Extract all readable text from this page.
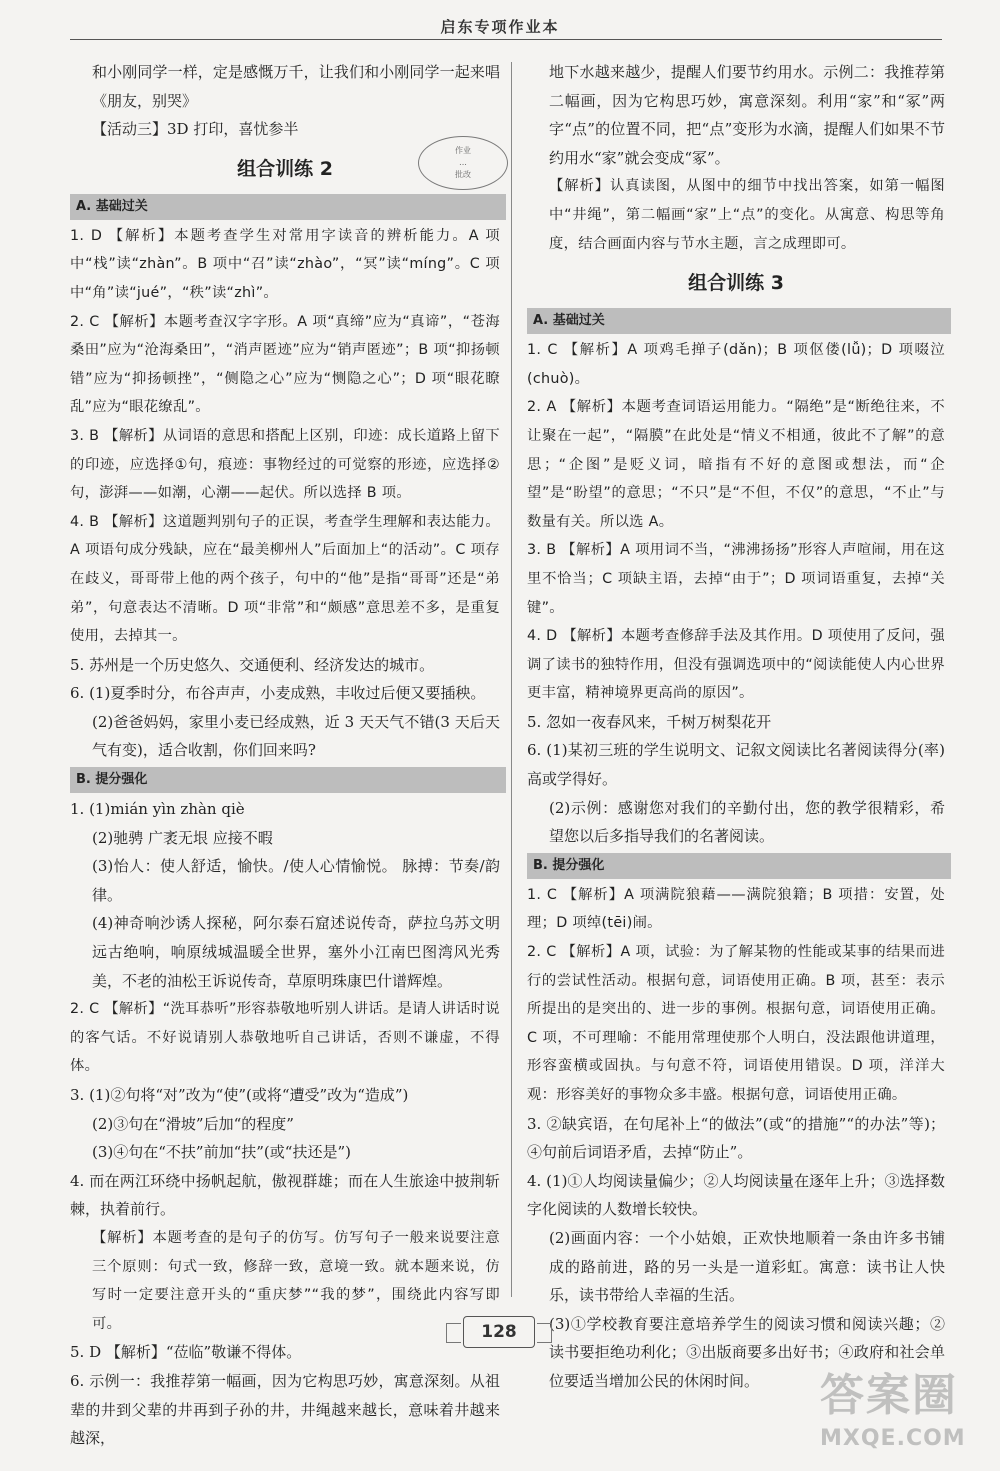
启东专项作业本
作业
...
批改

和小刚同学一样，定是感慨万千，让我们和小刚同学一起来唱《朋友，别哭》

【活动三】3D 打印，喜忧参半

组合训练 2
A. 基础过关

1. D 【解析】本题考查学生对常用字读音的辨析能力。A 项中“栈”读“zhàn”。B 项中“召”读“zhào”，“冥”读“míng”。C 项中“角”读“jué”，“秩”读“zhì”。

2. C 【解析】本题考查汉字字形。A 项“真缔”应为“真谛”，“苍海桑田”应为“沧海桑田”，“消声匿迹”应为“销声匿迹”；B 项“抑扬顿错”应为“抑扬顿挫”，“侧隐之心”应为“恻隐之心”；D 项“眼花瞭乱”应为“眼花缭乱”。

3. B 【解析】从词语的意思和搭配上区别，印迹：成长道路上留下的印迹，应选择①句，痕迹：事物经过的可觉察的形迹，应选择②句，澎湃——如潮，心潮——起伏。所以选择 B 项。

4. B 【解析】这道题判别句子的正误，考查学生理解和表达能力。A 项语句成分残缺，应在“最美柳州人”后面加上“的活动”。C 项存在歧义，哥哥带上他的两个孩子，句中的“他”是指“哥哥”还是“弟弟”，句意表达不清晰。D 项“非常”和“颇感”意思差不多，是重复使用，去掉其一。

5. 苏州是一个历史悠久、交通便利、经济发达的城市。

6. (1)夏季时分，布谷声声，小麦成熟，丰收过后便又要插秧。

(2)爸爸妈妈，家里小麦已经成熟，近 3 天天气不错(3 天后天气有变)，适合收割，你们回来吗?

B. 提分强化

1. (1)mián yìn zhàn qiè

(2)驰骋 广袤无垠 应接不暇

(3)怡人：使人舒适，愉快。/使人心情愉悦。 脉搏：节奏/韵律。

(4)神奇响沙诱人探秘，阿尔泰石窟述说传奇，萨拉乌苏文明远古绝响，响原绒城温暖全世界，塞外小江南巴图湾风光秀美，不老的油松王诉说传奇，草原明珠康巴什谱辉煌。

2. C 【解析】“洗耳恭听”形容恭敬地听别人讲话。是请人讲话时说的客气话。不好说请别人恭敬地听自己讲话，否则不谦虚，不得体。

3. (1)②句将“对”改为“使”(或将“遭受”改为“造成”)

(2)③句在“滑坡”后加“的程度”

(3)④句在“不扶”前加“扶”(或“扶还是”)

4. 而在两江环绕中扬帆起航，傲视群雄；而在人生旅途中披荆斩棘，执着前行。

【解析】本题考查的是句子的仿写。仿写句子一般来说要注意三个原则：句式一致，修辞一致，意境一致。就本题来说，仿写时一定要注意开头的“重庆梦”“我的梦”，围绕此内容写即可。

5. D 【解析】“莅临”敬谦不得体。

6. 示例一：我推荐第一幅画，因为它构思巧妙，寓意深刻。从祖辈的井到父辈的井再到子孙的井，井绳越来越长，意味着井越来越深，

地下水越来越少，提醒人们要节约用水。示例二：我推荐第二幅画，因为它构思巧妙，寓意深刻。利用“家”和“冢”两字“点”的位置不同，把“点”变形为水滴，提醒人们如果不节约用水“家”就会变成“冢”。

【解析】认真读图，从图中的细节中找出答案，如第一幅图中“井绳”，第二幅画“家”上“点”的变化。从寓意、构思等角度，结合画面内容与节水主题，言之成理即可。

组合训练 3
A. 基础过关

1. C 【解析】A 项鸡毛掸子(dǎn)；B 项伛偻(lǚ)；D 项啜泣(chuò)。

2. A 【解析】本题考查词语运用能力。“隔绝”是“断绝往来，不让聚在一起”，“隔膜”在此处是“情义不相通，彼此不了解”的意思；“企图”是贬义词，暗指有不好的意图或想法，而“企望”是“盼望”的意思；“不只”是“不但，不仅”的意思，“不止”与数量有关。所以选 A。

3. B 【解析】A 项用词不当，“沸沸扬扬”形容人声喧闹，用在这里不恰当；C 项缺主语，去掉“由于”；D 项词语重复，去掉“关键”。

4. D 【解析】本题考查修辞手法及其作用。D 项使用了反问，强调了读书的独特作用，但没有强调选项中的“阅读能使人内心世界更丰富，精神境界更高尚的原因”。

5. 忽如一夜春风来，千树万树梨花开

6. (1)某初三班的学生说明文、记叙文阅读比名著阅读得分(率)高或学得好。

(2)示例：感谢您对我们的辛勤付出，您的教学很精彩，希望您以后多指导我们的名著阅读。

B. 提分强化

1. C 【解析】A 项满院狼藉——满院狼籍；B 项措：安置，处理；D 项绰(tēi)闹。

2. C 【解析】A 项，试验：为了解某物的性能或某事的结果而进行的尝试性活动。根据句意，词语使用正确。B 项，甚至：表示所提出的是突出的、进一步的事例。根据句意，词语使用正确。C 项，不可理喻：不能用常理使那个人明白，没法跟他讲道理，形容蛮横或固执。与句意不符，词语使用错误。D 项，洋洋大观：形容美好的事物众多丰盛。根据句意，词语使用正确。

3. ②缺宾语，在句尾补上“的做法”(或“的措施”“的办法”等)；④句前后词语矛盾，去掉“防止”。

4. (1)①人均阅读量偏少；②人均阅读量在逐年上升；③选择数字化阅读的人数增长较快。

(2)画面内容：一个小姑娘，正欢快地顺着一条由许多书铺成的路前进，路的另一头是一道彩虹。寓意：读书让人快乐，读书带给人幸福的生活。

(3)①学校教育要注意培养学生的阅读习惯和阅读兴趣；②读书要拒绝功利化；③出版商要多出好书；④政府和社会单位要适当增加公民的休闲时间。

128
答案圈
MXQE.COM
